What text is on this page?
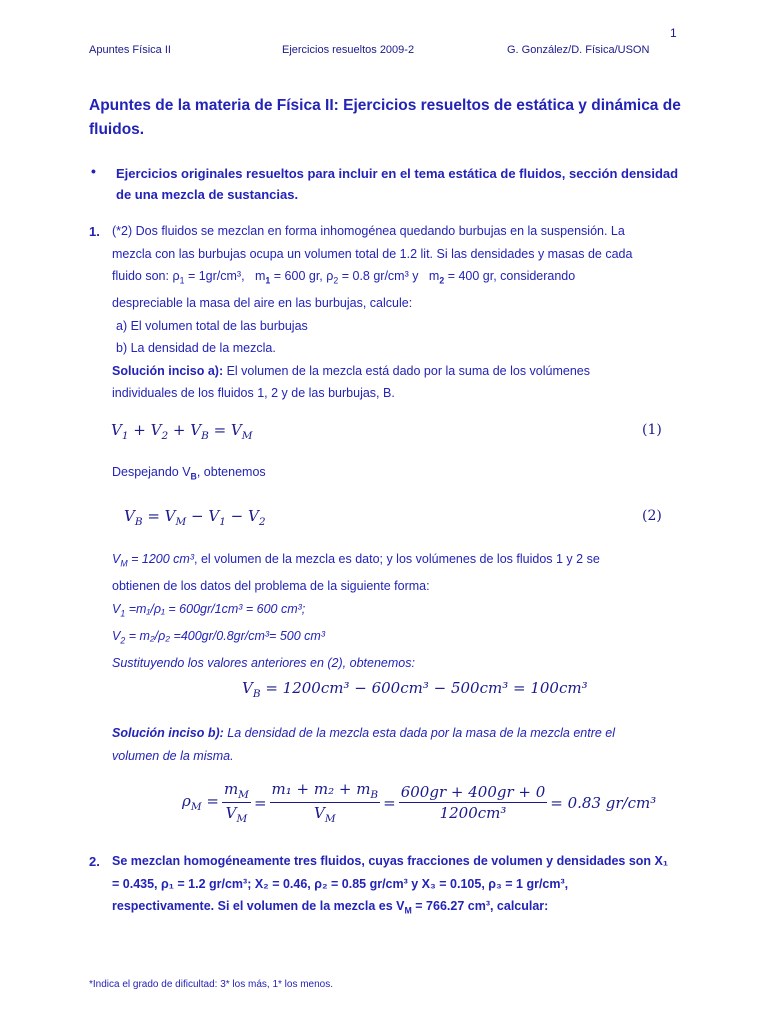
1
Apuntes Física II	Ejercicios resueltos 2009-2	G. González/D. Física/USON
Apuntes de la materia de Física II: Ejercicios resueltos de estática y dinámica de fluidos.
• Ejercicios originales resueltos para incluir en el tema estática de fluidos, sección densidad de una mezcla de sustancias.
1. (*2) Dos fluidos se mezclan en forma inhomogénea quedando burbujas en la suspensión. La
mezcla con las burbujas ocupa un volumen total de 1.2 lit. Si las densidades y masas de cada
fluido son: $\rho_1 = 1gr/cm^3$,   $m_1 = 600$ gr, $\rho_2 = 0.8$ gr/cm³ y   $m_2 = 400$ gr, considerando
despreciable la masa del aire en las burbujas, calcule:
a) El volumen total de las burbujas
b) La densidad de la mezcla.
Solución inciso a): El volumen de la mezcla está dado por la suma de los volúmenes
individuales de los fluidos 1, 2 y de las burbujas, B.
$V_1 + V_2 + V_B = V_M$	(1)
Despejando $V_B$, obtenemos
$V_B = V_M - V_1 - V_2$	(2)
$V_M = 1200$ cm³, el volumen de la mezcla es dato; y los volúmenes de los fluidos 1 y 2 se
obtienen de los datos del problema de la siguiente forma:
$V_1 =m_1/\rho_1 = 600gr/1cm^3 = 600$ cm³;
$V_2 = m_2/\rho_2 =400gr/0.8gr/cm^3= 500$ cm³
Sustituyendo los valores anteriores en (2), obtenemos:
$V_B = 1200cm^3 - 600cm^3 - 500cm^3 = 100cm^3$
Solución inciso b): La densidad de la mezcla esta dada por la masa de la mezcla entre el
volumen de la misma.
$\rho_M = \frac{m_M}{V_M} = \frac{m_1 + m_2 + m_B}{V_M} = \frac{600gr + 400gr + 0}{\text{1200cm³}} = 0.83$ gr/cm³
2. Se mezclan homogéneamente tres fluidos, cuyas fracciones de volumen y densidades son X₁
= 0.435, ρ₁ = 1.2 gr/cm³; X₂ = 0.46, ρ₂ = 0.85 gr/cm³ y X₃ = 0.105, ρ₃ = 1 gr/cm³,
respectivamente. Si el volumen de la mezcla es $V_M = 766.27$ cm³, calcular:
*Indica el grado de dificultad: 3* los más, 1* los menos.
